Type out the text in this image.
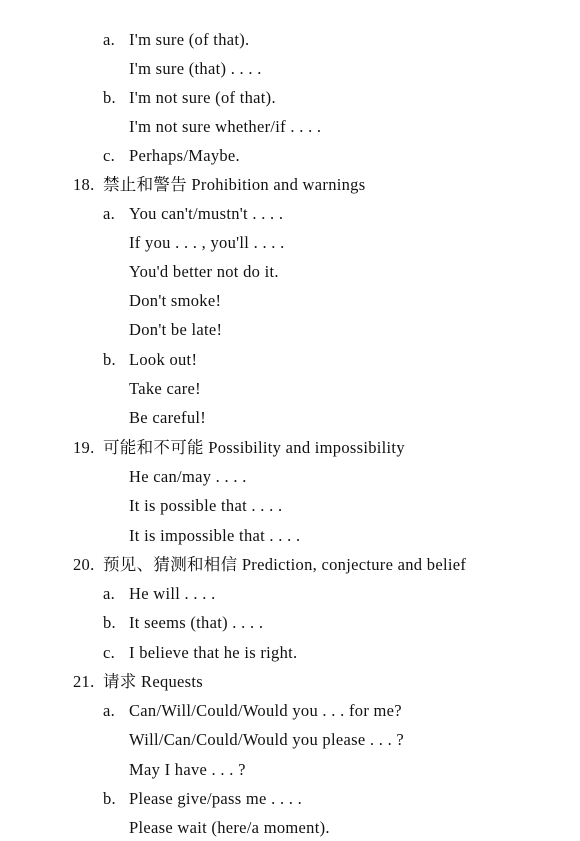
a. I'm sure (of that).
I'm sure (that) . . . .
b. I'm not sure (of that).
I'm not sure whether/if . . . .
c. Perhaps/Maybe.
18. 禁止和警告 Prohibition and warnings
a. You can't/mustn't . . . .
If you . . . , you'll . . . .
You'd better not do it.
Don't smoke!
Don't be late!
b. Look out!
Take care!
Be careful!
19. 可能和不可能 Possibility and impossibility
He can/may . . . .
It is possible that . . . .
It is impossible that . . . .
20. 预见、猜测和相信 Prediction, conjecture and belief
a. He will . . . .
b. It seems (that) . . . .
c. I believe that he is right.
21. 请求 Requests
a. Can/Will/Could/Would you . . . for me?
Will/Can/Could/Would you please . . . ?
May I have . . . ?
b. Please give/pass me . . . .
Please wait (here/a moment).
